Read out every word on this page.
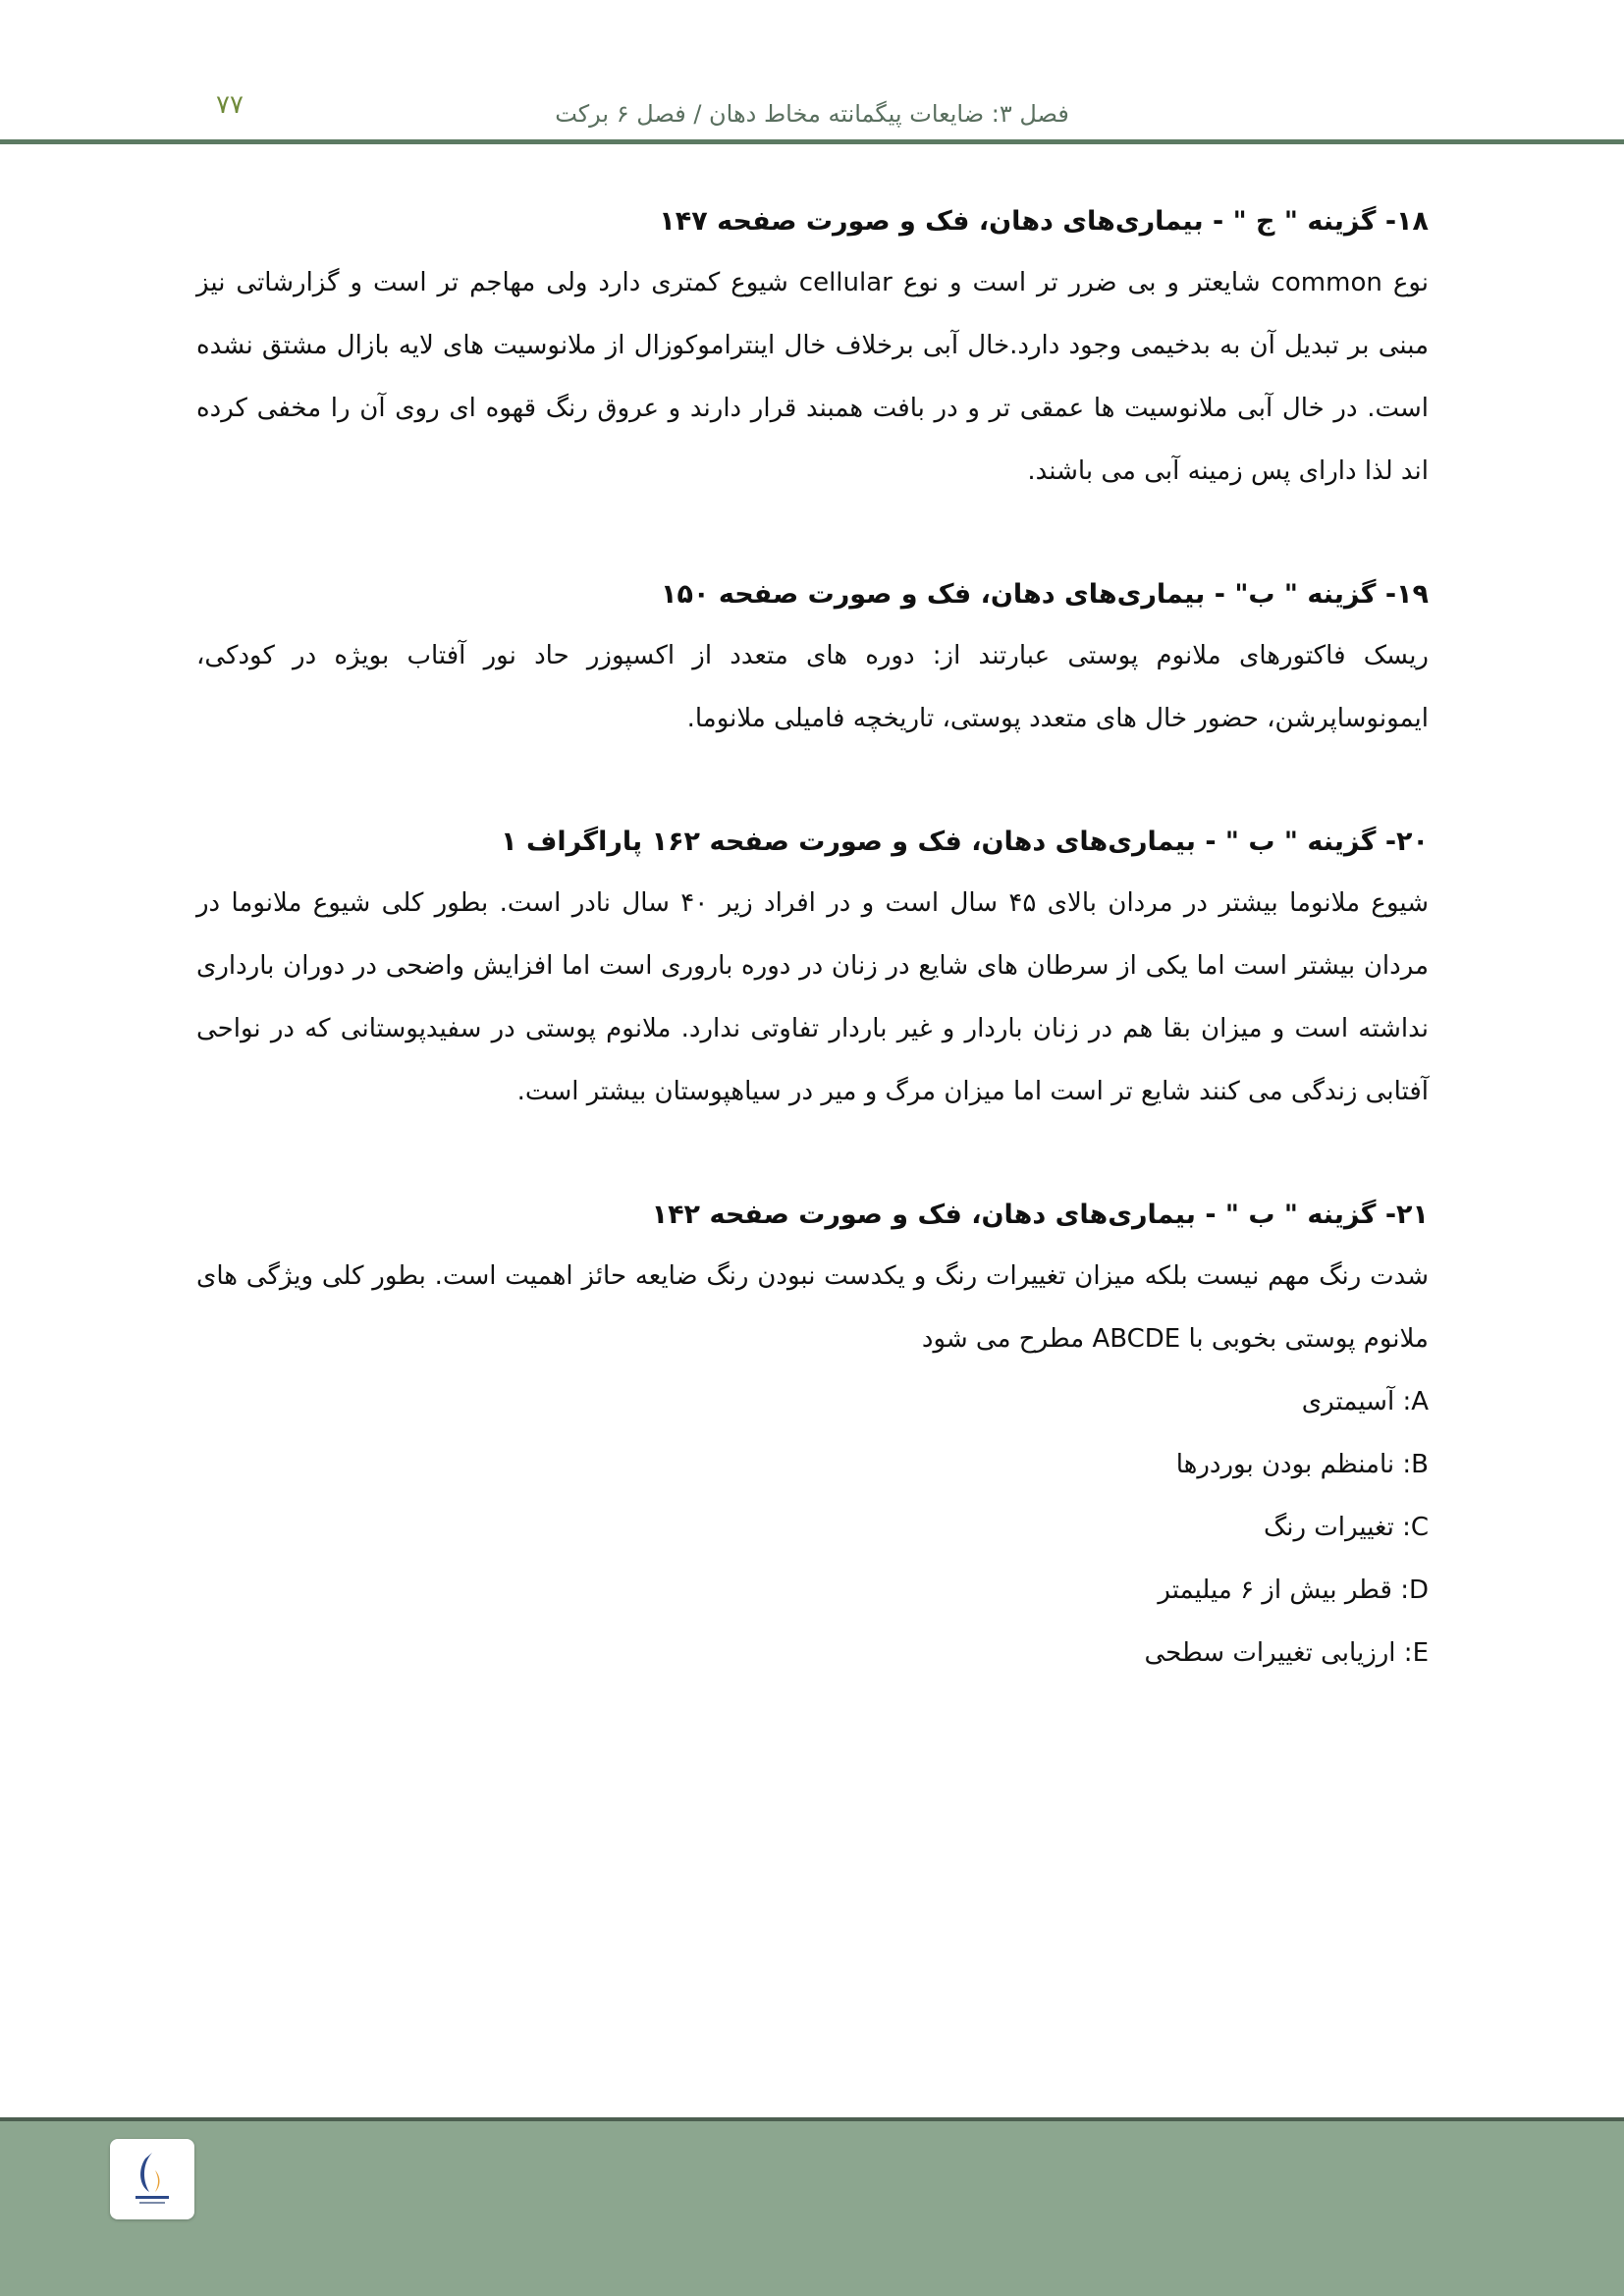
۷۷	فصل ۳: ضایعات پیگمانته مخاط دهان / فصل ۶ برکت

۱۸- گزینه " ج " - بیماری‌های دهان، فک و صورت صفحه ۱۴۷

نوع common شایعتر و بی ضرر تر است و نوع cellular شیوع کمتری دارد ولی مهاجم تر است و گزارشاتی نیز مبنی بر تبدیل آن به بدخیمی وجود دارد.خال آبی برخلاف خال اینترامو‌کوزال از ملانوسیت های لایه بازال مشتق نشده است. در خال آبی ملانوسیت ها عمقی تر و در بافت همبند قرار دارند و عروق رنگ قهوه ای روی آن را مخفی کرده اند لذا دارای پس زمینه آبی می باشند.

۱۹- گزینه " ب" - بیماری‌های دهان، فک و صورت صفحه ۱۵۰

ریسک فاکتورهای ملانوم پوستی عبارتند از: دوره های متعدد از اکسپوزر حاد نور آفتاب بویژه در کودکی، ایمونوساپرشن، حضور خال های متعدد پوستی، تاریخچه فامیلی ملانوما.

۲۰- گزینه " ب " - بیماری‌های دهان، فک و صورت صفحه ۱۶۲ پاراگراف ۱

شیوع ملانوما بیشتر در مردان بالای ۴۵ سال است و در افراد زیر ۴۰ سال نادر است. بطور کلی شیوع ملانوما در مردان بیشتر است اما یکی از سرطان های شایع در زنان در دوره باروری است اما افزایش واضحی در دوران بارداری نداشته است و میزان بقا هم در زنان باردار و غیر باردار تفاوتی ندارد. ملانوم پوستی در سفیدپوستانی که در نواحی آفتابی زندگی می کنند شایع تر است اما میزان مرگ و میر در سیاهپوستان بیشتر است.

۲۱- گزینه " ب " - بیماری‌های دهان، فک و صورت صفحه ۱۴۲

شدت رنگ مهم نیست بلکه میزان تغییرات رنگ و یکدست نبودن رنگ ضایعه حائز اهمیت است. بطور کلی ویژگی های ملانوم پوستی بخوبی با ABCDE مطرح می شود

A: آسیمتری

B: نامنظم بودن بوردرها

C: تغییرات رنگ

D: قطر بیش از ۶ میلیمتر

E: ارزیابی تغییرات سطحی
